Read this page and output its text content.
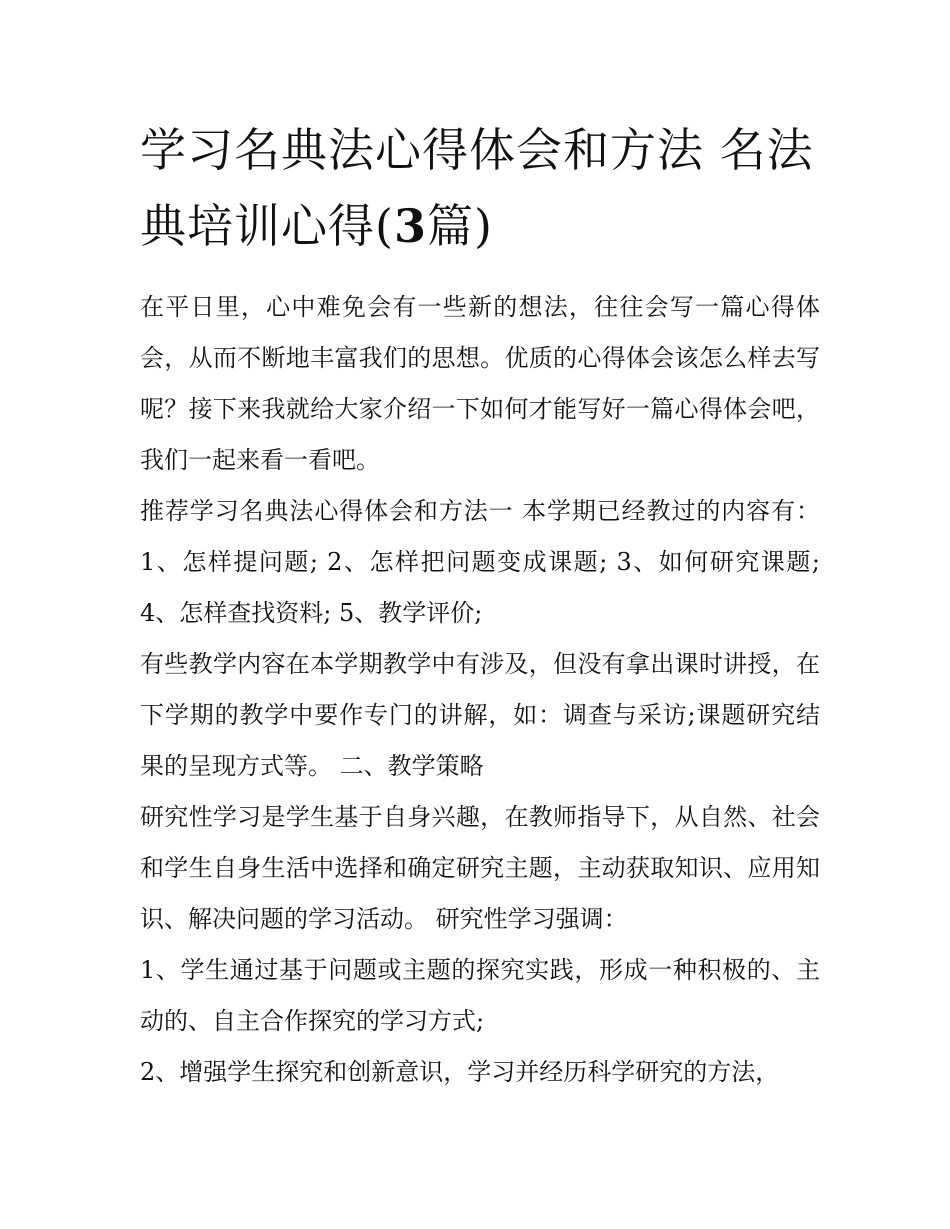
学习名典法心得体会和方法 名法典培训心得(3篇)

在平日里，心中难免会有一些新的想法，往往会写一篇心得体会，从而不断地丰富我们的思想。优质的心得体会该怎么样去写呢？接下来我就给大家介绍一下如何才能写好一篇心得体会吧，我们一起来看一看吧。

推荐学习名典法心得体会和方法一 本学期已经教过的内容有： 1、怎样提问题; 2、怎样把问题变成课题; 3、如何研究课题; 4、怎样查找资料; 5、教学评价;

有些教学内容在本学期教学中有涉及，但没有拿出课时讲授，在下学期的教学中要作专门的讲解，如：调查与采访;课题研究结果的呈现方式等。 二、教学策略

研究性学习是学生基于自身兴趣，在教师指导下，从自然、社会和学生自身生活中选择和确定研究主题，主动获取知识、应用知识、解决问题的学习活动。 研究性学习强调：

1、学生通过基于问题或主题的探究实践，形成一种积极的、主动的、自主合作探究的学习方式;

2、增强学生探究和创新意识，学习并经历科学研究的方法，
